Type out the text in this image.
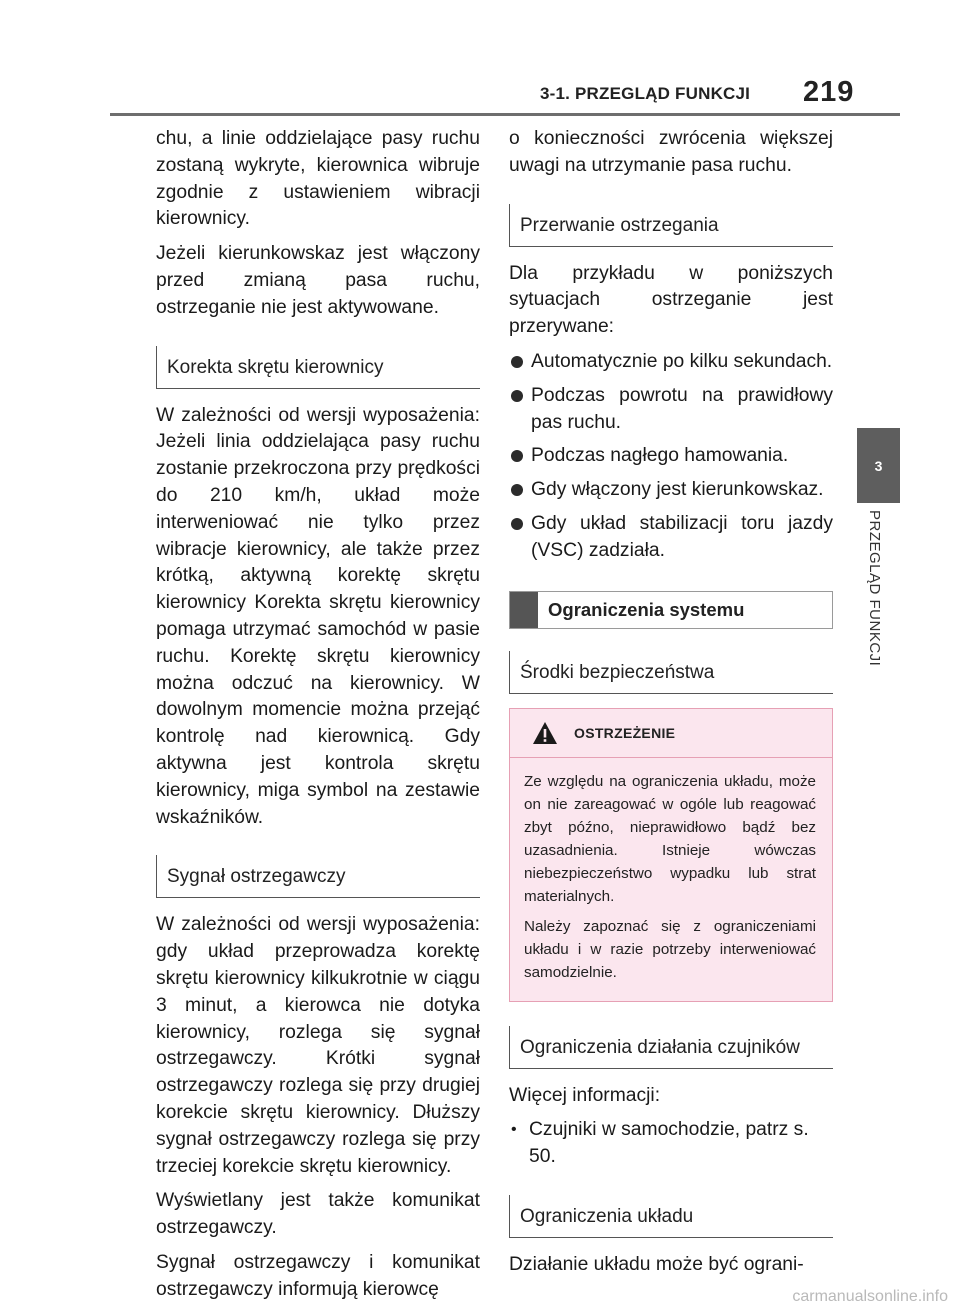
3-1. PRZEGLĄD FUNKCJI 219
3
PRZEGLĄD FUNKCJI

chu, a linie oddzielające pasy ruchu zostaną wykryte, kierownica wibruje zgodnie z ustawieniem wibracji kierownicy.

Jeżeli kierunkowskaz jest włączony przed zmianą pasa ruchu, ostrzeganie nie jest aktywowane.

Korekta skrętu kierownicy

W zależności od wersji wyposażenia: Jeżeli linia oddzielająca pasy ruchu zostanie przekroczona przy prędkości do 210 km/h, układ może interweniować nie tylko przez wibracje kierownicy, ale także przez krótką, aktywną korektę skrętu kierownicy Korekta skrętu kierownicy pomaga utrzymać samochód w pasie ruchu. Korektę skrętu kierownicy można odczuć na kierownicy. W dowolnym momencie można przejąć kontrolę nad kierownicą. Gdy aktywna jest kontrola skrętu kierownicy, miga symbol na zestawie wskaźników.

Sygnał ostrzegawczy

W zależności od wersji wyposażenia: gdy układ przeprowadza korektę skrętu kierownicy kilkukrotnie w ciągu 3 minut, a kierowca nie dotyka kierownicy, rozlega się sygnał ostrzegawczy. Krótki sygnał ostrzegawczy rozlega się przy drugiej korekcie skrętu kierownicy. Dłuższy sygnał ostrzegawczy rozlega się przy trzeciej korekcie skrętu kierownicy.

Wyświetlany jest także komunikat ostrzegawczy.

Sygnał ostrzegawczy i komunikat ostrzegawczy informują kierowcę

o konieczności zwrócenia większej uwagi na utrzymanie pasa ruchu.

Przerwanie ostrzegania

Dla przykładu w poniższych sytuacjach ostrzeganie jest przerywane:

Automatycznie po kilku sekundach.
Podczas powrotu na prawidłowy pas ruchu.
Podczas nagłego hamowania.
Gdy włączony jest kierunkowskaz.
Gdy układ stabilizacji toru jazdy (VSC) zadziała.
Ograniczenia systemu
Środki bezpieczeństwa
OSTRZEŻENIE

Ze względu na ograniczenia układu, może on nie zareagować w ogóle lub reagować zbyt późno, nieprawidłowo bądź bez uzasadnienia. Istnieje wówczas niebezpieczeństwo wypadku lub strat materialnych.

Należy zapoznać się z ograniczeniami układu i w razie potrzeby interweniować samodzielnie.

Ograniczenia działania czujników

Więcej informacji:

• Czujniki w samochodzie, patrz s. 50.
Ograniczenia układu

Działanie układu może być ograni-

carmanualsonline.info
